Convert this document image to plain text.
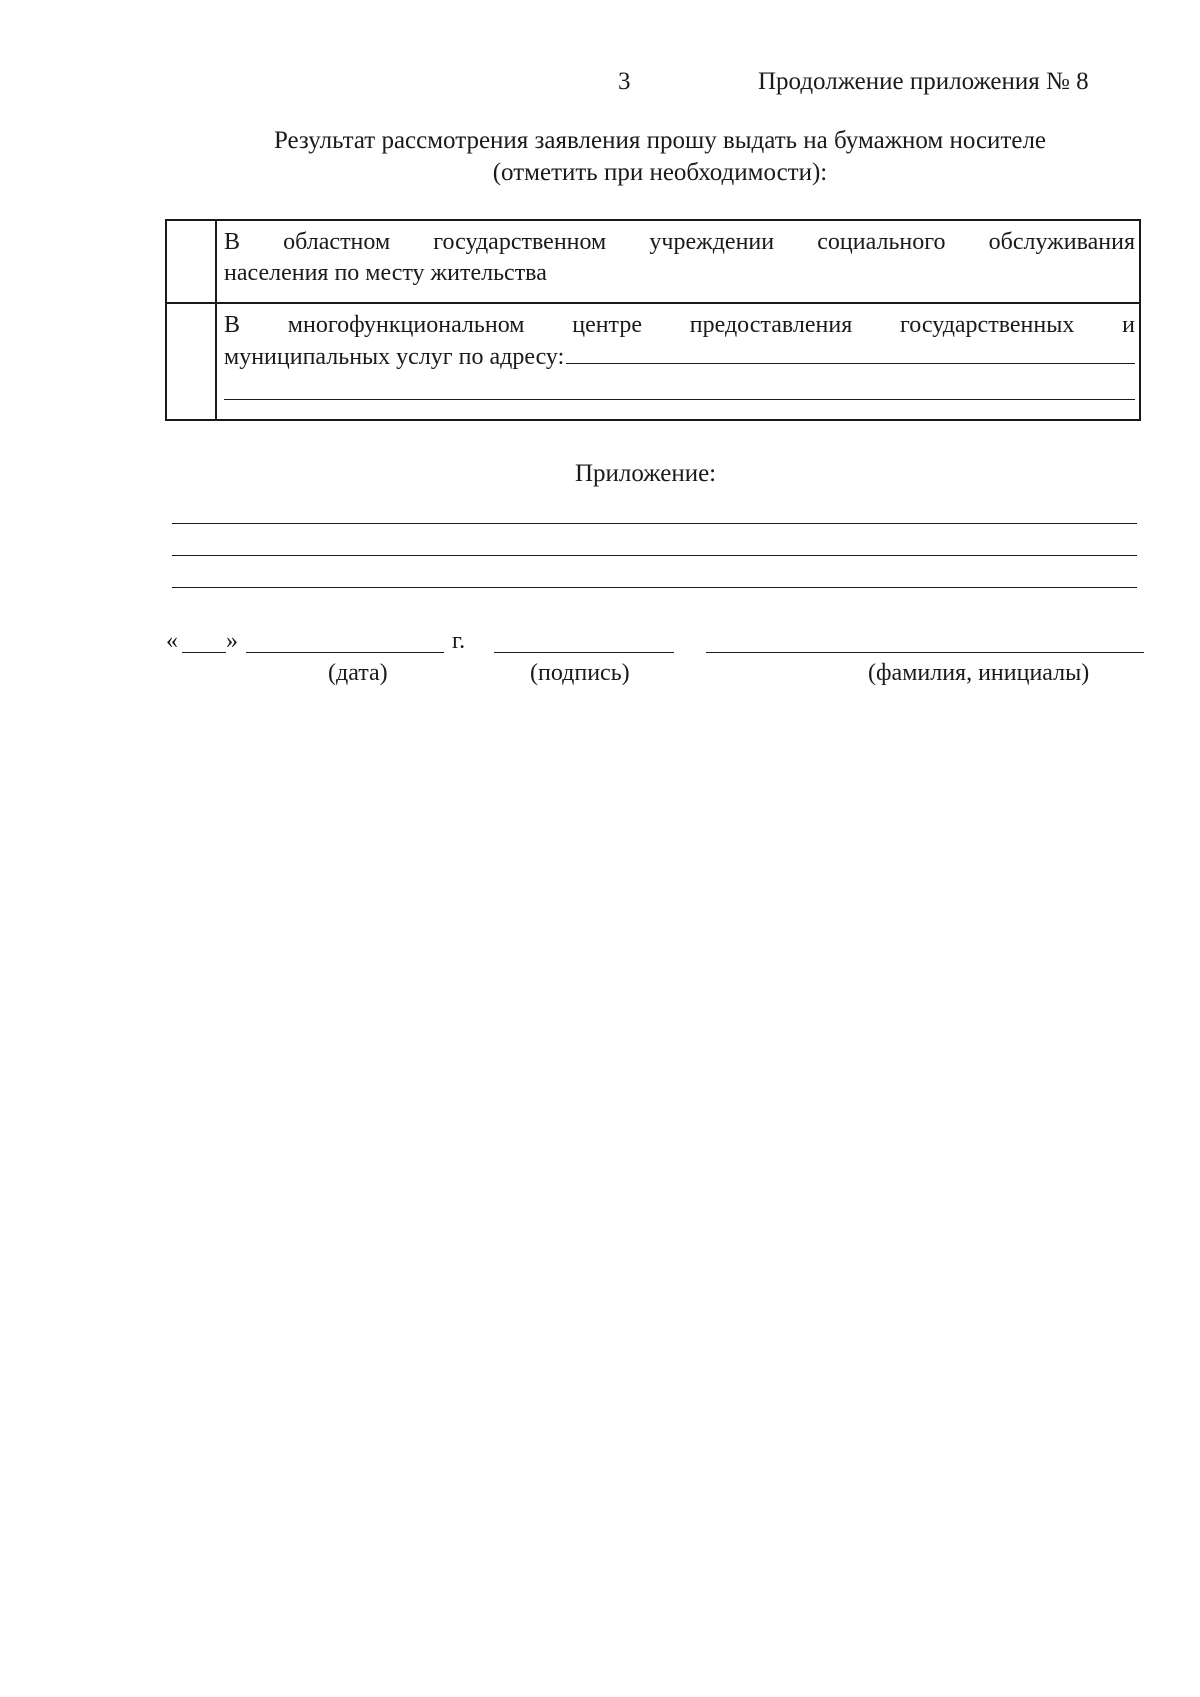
3	Продолжение приложения № 8
Результат рассмотрения заявления прошу выдать на бумажном носителе
(отметить при необходимости):

	В областном государственном учреждении социального обслуживания
населения по месту жительства

	В многофункциональном центре предоставления государственных и
муниципальных услуг по адресу:
Приложение:
« »	г.
(дата)	(подпись)	(фамилия, инициалы)
